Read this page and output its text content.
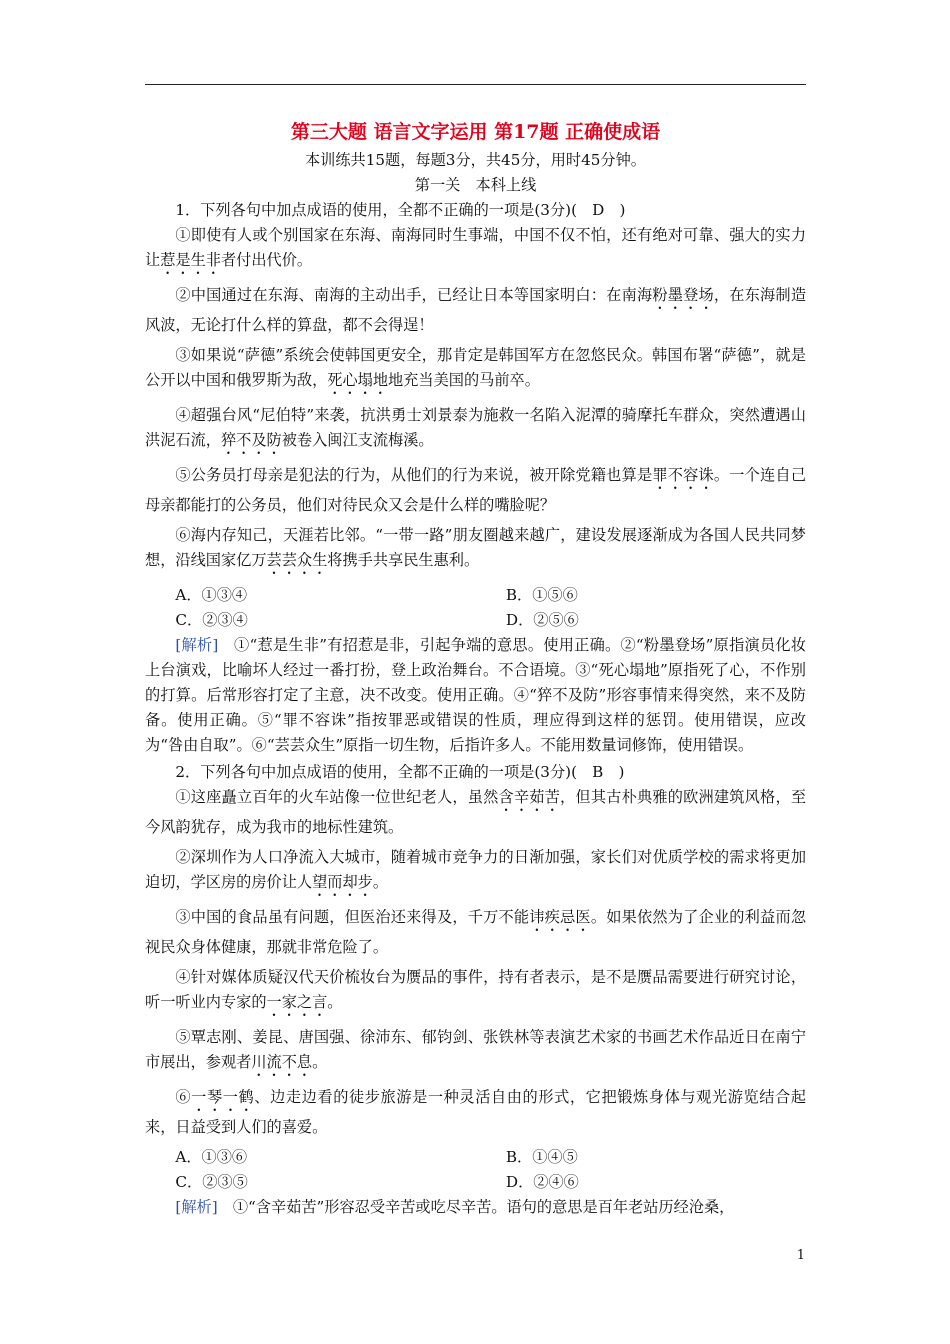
第三大题 语言文字运用 第17题 正确使成语

本训练共15题，每题3分，共45分，用时45分钟。

第一关　本科上线

1．下列各句中加点成语的使用，全都不正确的一项是(3分)(　D　)

①即使有人或个别国家在东海、南海同时生事端，中国不仅不怕，还有绝对可靠、强大的实力让惹是生非者付出代价。

②中国通过在东海、南海的主动出手，已经让日本等国家明白：在南海粉墨登场，在东海制造风波，无论打什么样的算盘，都不会得逞！

③如果说“萨德”系统会使韩国更安全，那肯定是韩国军方在忽悠民众。韩国布署“萨德”，就是公开以中国和俄罗斯为敌，死心塌地地充当美国的马前卒。

④超强台风“尼伯特”来袭，抗洪勇士刘景泰为施救一名陷入泥潭的骑摩托车群众，突然遭遇山洪泥石流，猝不及防被卷入闽江支流梅溪。

⑤公务员打母亲是犯法的行为，从他们的行为来说，被开除党籍也算是罪不容诛。一个连自己母亲都能打的公务员，他们对待民众又会是什么样的嘴脸呢？

⑥海内存知己，天涯若比邻。“一带一路”朋友圈越来越广，建设发展逐渐成为各国人民共同梦想，沿线国家亿万芸芸众生将携手共享民生惠利。

A．①③④	B．①⑤⑥
C．②③④	D．②⑤⑥

[解析]　 ①“惹是生非”有招惹是非，引起争端的意思。使用正确。②“粉墨登场”原指演员化妆上台演戏，比喻坏人经过一番打扮，登上政治舞台。不合语境。③“死心塌地”原指死了心，不作别的打算。后常形容打定了主意，决不改变。使用正确。④“猝不及防”形容事情来得突然，来不及防备。使用正确。⑤“罪不容诛”指按罪恶或错误的性质，理应得到这样的惩罚。使用错误，应改为“咎由自取”。⑥“芸芸众生”原指一切生物，后指许多人。不能用数量词修饰，使用错误。

2．下列各句中加点成语的使用，全都不正确的一项是(3分)(　B　)

①这座矗立百年的火车站像一位世纪老人，虽然含辛茹苦，但其古朴典雅的欧洲建筑风格，至今风韵犹存，成为我市的地标性建筑。

②深圳作为人口净流入大城市，随着城市竞争力的日渐加强，家长们对优质学校的需求将更加迫切，学区房的房价让人望而却步。

③中国的食品虽有问题，但医治还来得及，千万不能讳疾忌医。如果依然为了企业的利益而忽视民众身体健康，那就非常危险了。

④针对媒体质疑汉代天价梳妆台为赝品的事件，持有者表示，是不是赝品需要进行研究讨论，听一听业内专家的一家之言。

⑤覃志刚、姜昆、唐国强、徐沛东、郁钧剑、张铁林等表演艺术家的书画艺术作品近日在南宁市展出，参观者川流不息。

⑥一琴一鹤、边走边看的徒步旅游是一种灵活自由的形式，它把锻炼身体与观光游览结合起来，日益受到人们的喜爱。

A．①③⑥	B．①④⑤
C．②③⑤	D．②④⑥

[解析]　 ①“含辛茹苦”形容忍受辛苦或吃尽辛苦。语句的意思是百年老站历经沧桑，

1
